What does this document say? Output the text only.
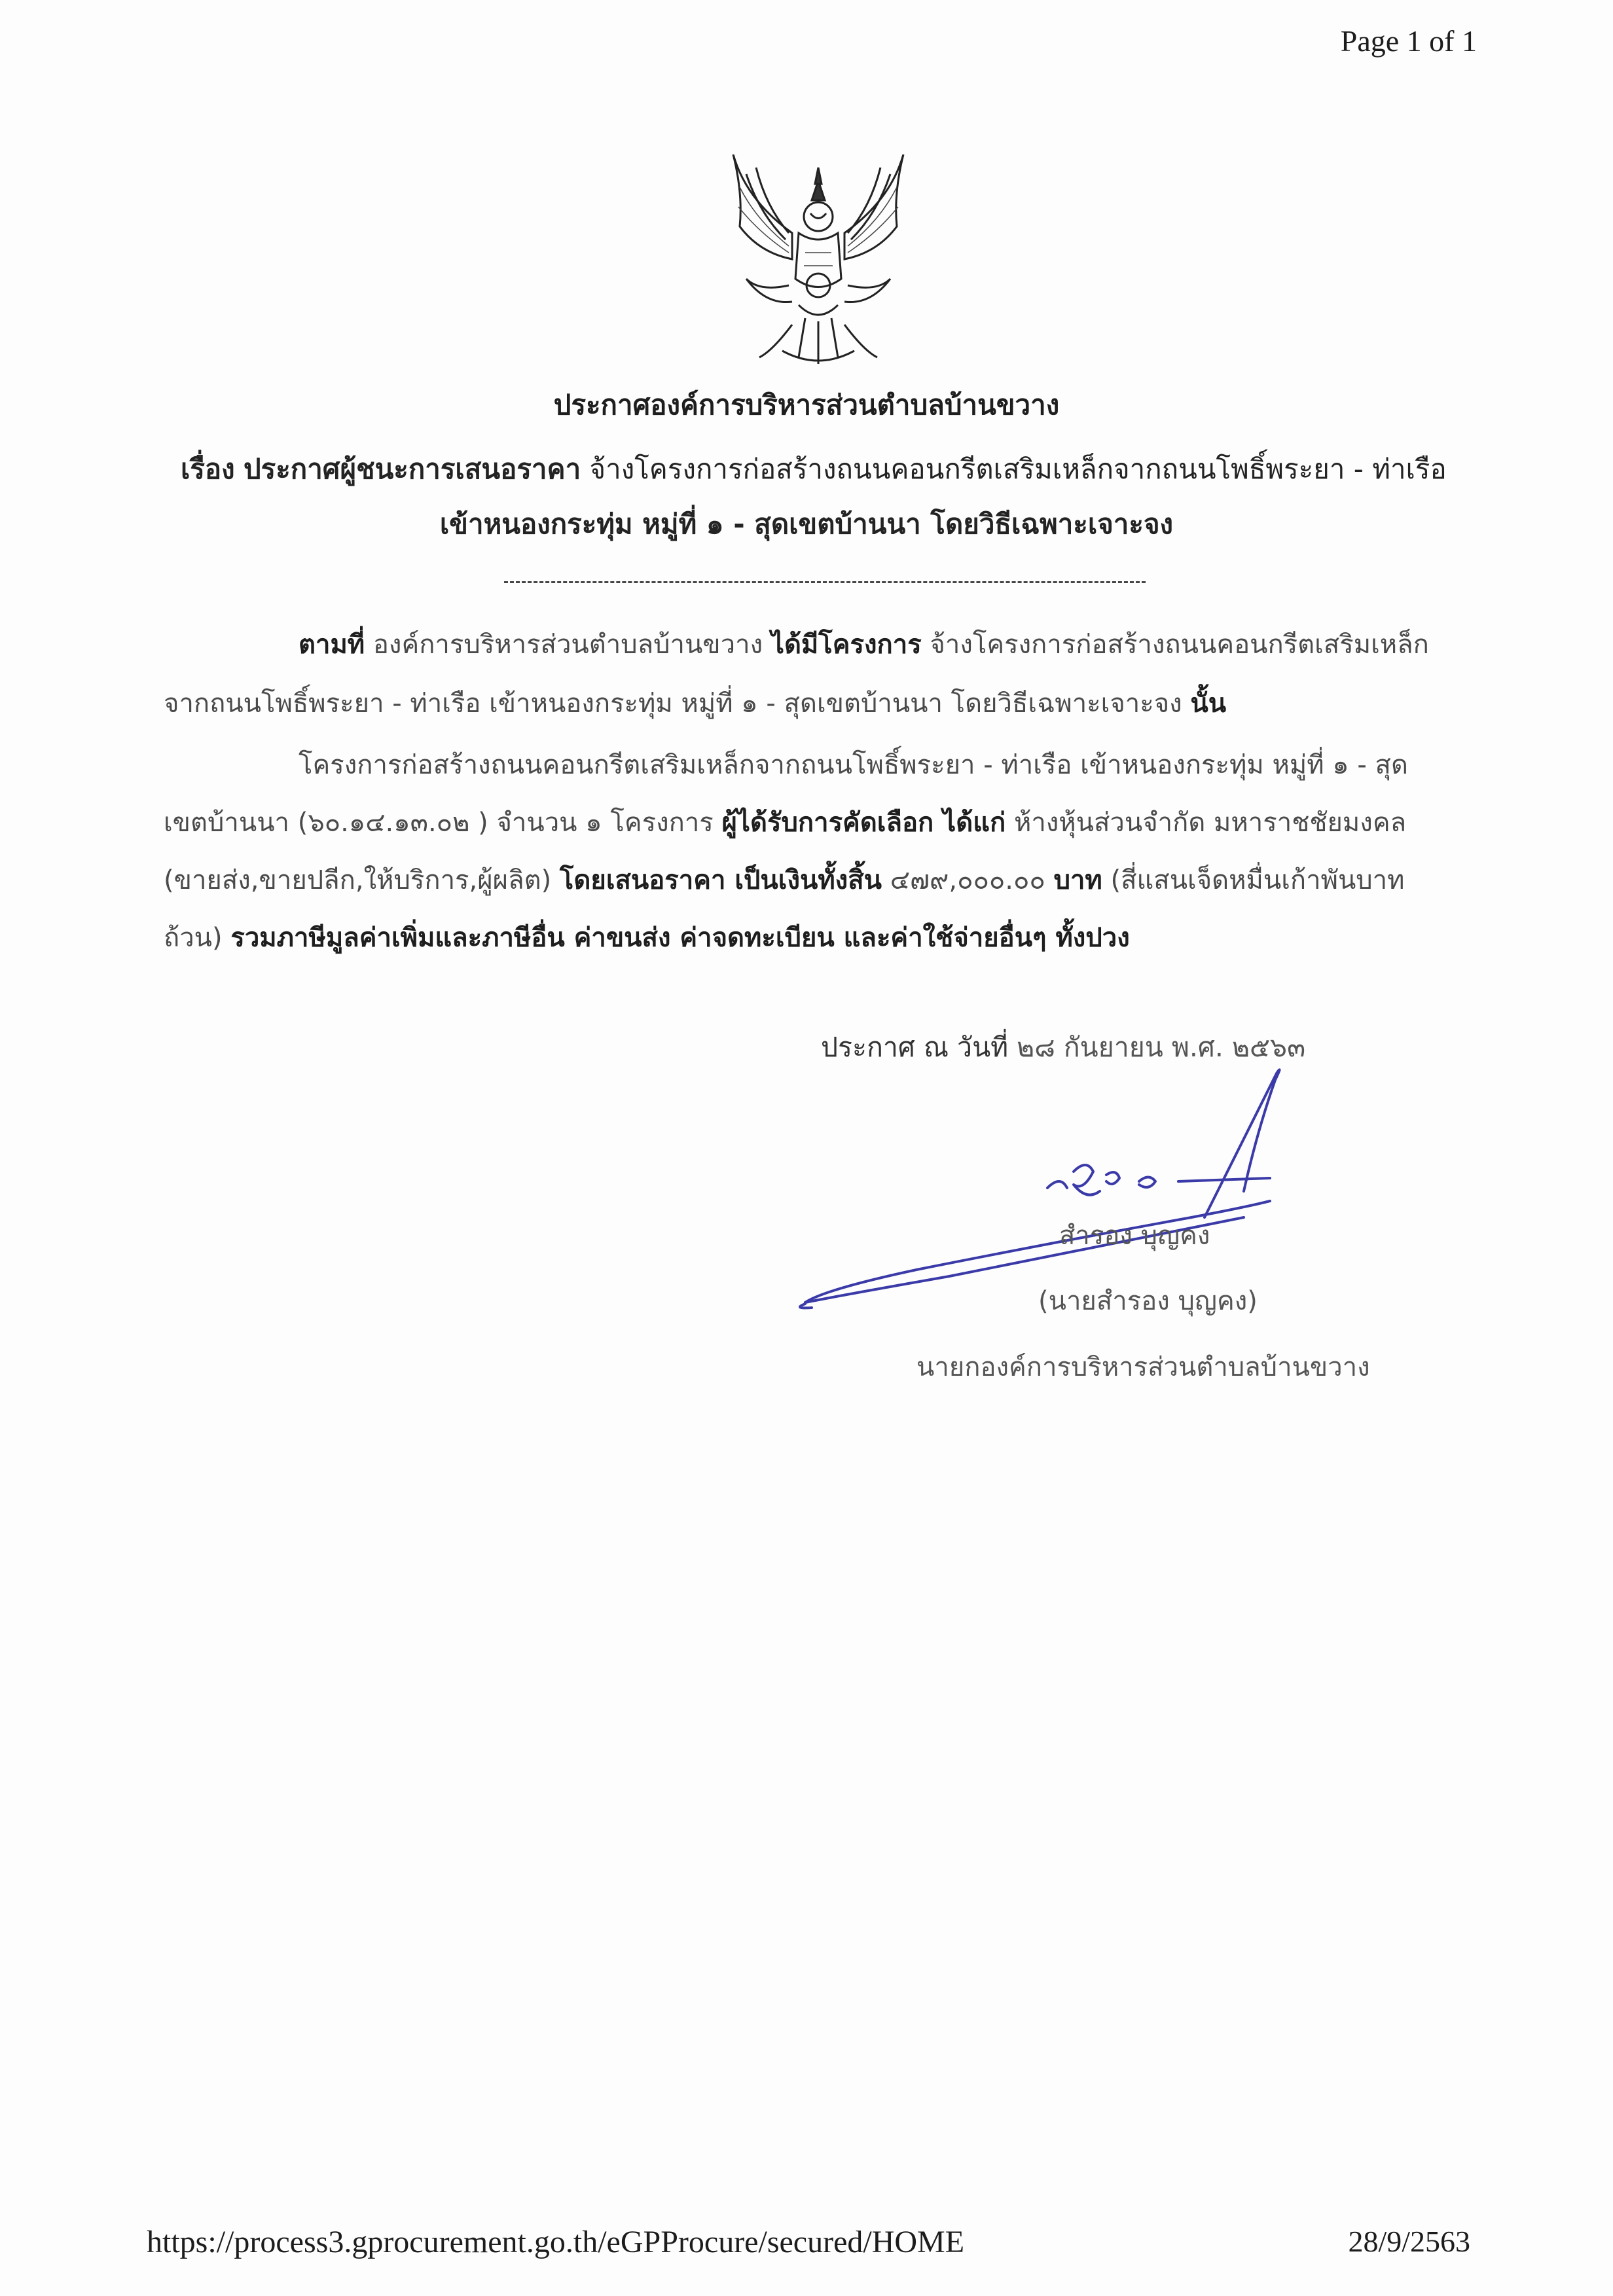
Page 1 of 1
ประกาศองค์การบริหารส่วนตำบลบ้านขวาง
เรื่อง ประกาศผู้ชนะการเสนอราคา จ้างโครงการก่อสร้างถนนคอนกรีตเสริมเหล็กจากถนนโพธิ์พระยา - ท่าเรือ
เข้าหนองกระทุ่ม หมู่ที่ ๑ - สุดเขตบ้านนา โดยวิธีเฉพาะเจาะจง
ตามที่ องค์การบริหารส่วนตำบลบ้านขวาง ได้มีโครงการ จ้างโครงการก่อสร้างถนนคอนกรีตเสริมเหล็ก
จากถนนโพธิ์พระยา - ท่าเรือ เข้าหนองกระทุ่ม หมู่ที่ ๑ - สุดเขตบ้านนา โดยวิธีเฉพาะเจาะจง นั้น
โครงการก่อสร้างถนนคอนกรีตเสริมเหล็กจากถนนโพธิ์พระยา - ท่าเรือ เข้าหนองกระทุ่ม หมู่ที่ ๑ - สุด
เขตบ้านนา (๖๐.๑๔.๑๓.๐๒ ) จำนวน ๑ โครงการ ผู้ได้รับการคัดเลือก ได้แก่ ห้างหุ้นส่วนจำกัด มหาราชชัยมงคล
(ขายส่ง,ขายปลีก,ให้บริการ,ผู้ผลิต) โดยเสนอราคา เป็นเงินทั้งสิ้น ๔๗๙,๐๐๐.๐๐ บาท (สี่แสนเจ็ดหมื่นเก้าพันบาท
ถ้วน) รวมภาษีมูลค่าเพิ่มและภาษีอื่น ค่าขนส่ง ค่าจดทะเบียน และค่าใช้จ่ายอื่นๆ ทั้งปวง
ประกาศ ณ วันที่ ๒๘ กันยายน พ.ศ. ๒๕๖๓
สำรอง บุญคง
(นายสำรอง บุญคง)
นายกองค์การบริหารส่วนตำบลบ้านขวาง
https://process3.gprocurement.go.th/eGPProcure/secured/HOME	28/9/2563
